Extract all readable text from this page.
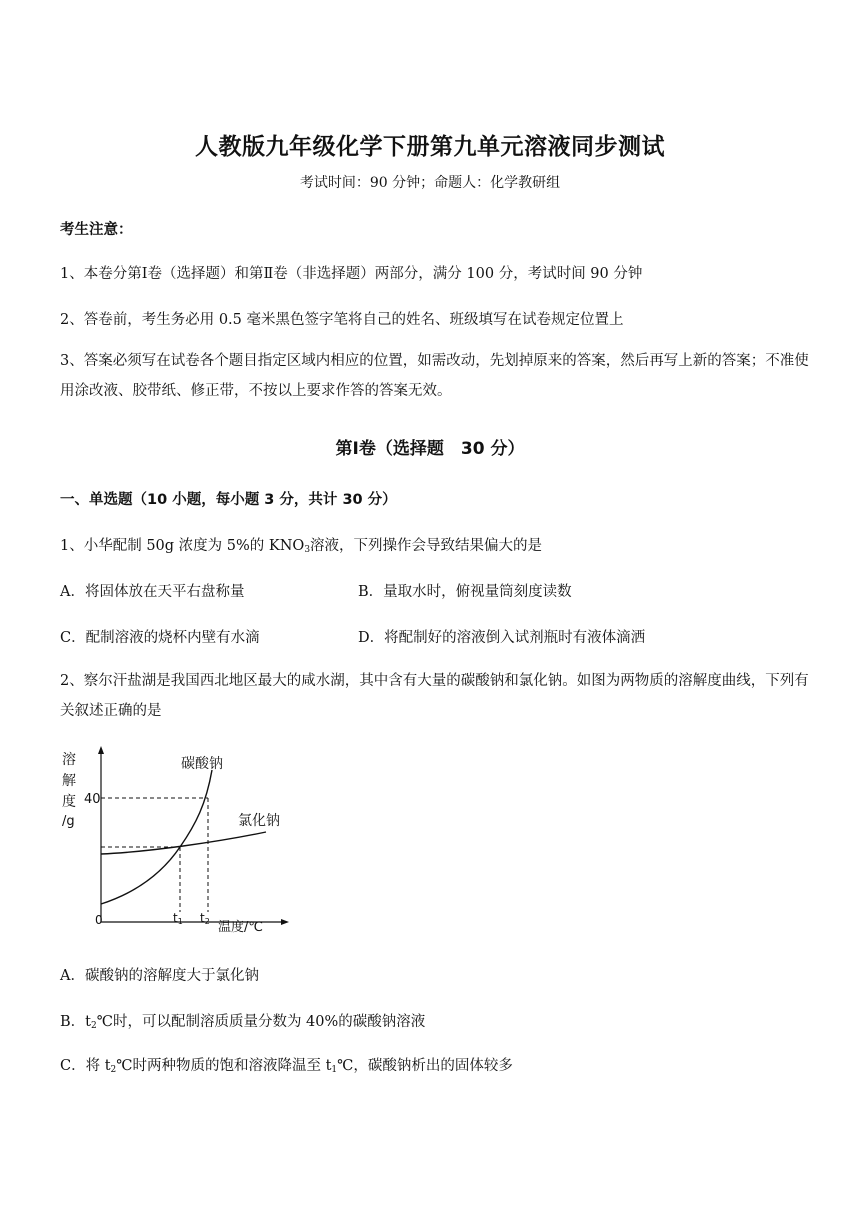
人教版九年级化学下册第九单元溶液同步测试
考试时间：90 分钟；命题人：化学教研组
考生注意：
1、本卷分第Ⅰ卷（选择题）和第Ⅱ卷（非选择题）两部分，满分 100 分，考试时间 90 分钟
2、答卷前，考生务必用 0.5 毫米黑色签字笔将自己的姓名、班级填写在试卷规定位置上
3、答案必须写在试卷各个题目指定区域内相应的位置，如需改动，先划掉原来的答案，然后再写上新的答案；不准使用涂改液、胶带纸、修正带，不按以上要求作答的答案无效。
第Ⅰ卷（选择题　30 分）
一、单选题（10 小题，每小题 3 分，共计 30 分）
1、小华配制 50g 浓度为 5%的 $KNO_3$溶液，下列操作会导致结果偏大的是
A．将固体放在天平右盘称量	B．量取水时，俯视量筒刻度读数
C．配制溶液的烧杯内壁有水滴	D．将配制好的溶液倒入试剂瓶时有液体滴洒
2、察尔汗盐湖是我国西北地区最大的咸水湖，其中含有大量的碳酸钠和氯化钠。如图为两物质的溶解度曲线，下列有关叙述正确的是
溶
解
度
/g
40
0	t1 t2 温度/℃
碳酸钠
氯化钠
A．碳酸钠的溶解度大于氯化钠
B．$t_2℃$时，可以配制溶质质量分数为 40%的碳酸钠溶液
C．将 $t_2℃$时两种物质的饱和溶液降温至 $t_1℃$，碳酸钠析出的固体较多
